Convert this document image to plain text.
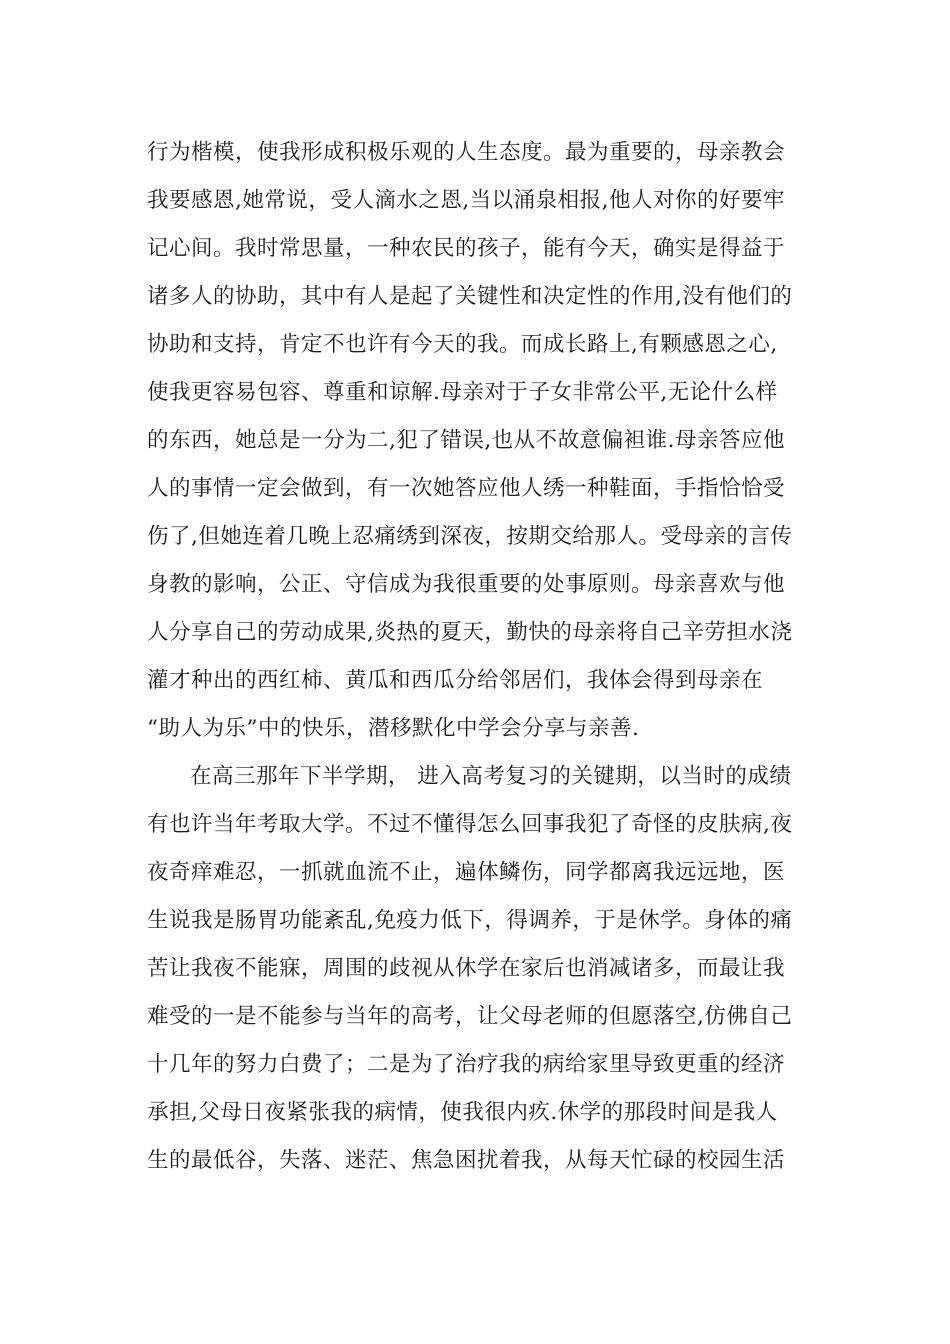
行为楷模，使我形成积极乐观的人生态度。最为重要的，母亲教会
我要感恩,她常说，受人滴水之恩,当以涌泉相报,他人对你的好要牢
记心间。我时常思量，一种农民的孩子，能有今天，确实是得益于
诸多人的协助，其中有人是起了关键性和决定性的作用,没有他们的
协助和支持，肯定不也许有今天的我。而成长路上,有颗感恩之心,
使我更容易包容、尊重和谅解.母亲对于子女非常公平,无论什么样
的东西，她总是一分为二,犯了错误,也从不故意偏袒谁.母亲答应他
人的事情一定会做到，有一次她答应他人绣一种鞋面，手指恰恰受
伤了,但她连着几晚上忍痛绣到深夜，按期交给那人。受母亲的言传
身教的影响，公正、守信成为我很重要的处事原则。母亲喜欢与他
人分享自己的劳动成果,炎热的夏天，勤快的母亲将自己辛劳担水浇
灌才种出的西红柿、黄瓜和西瓜分给邻居们，我体会得到母亲在
“助人为乐”中的快乐，潜移默化中学会分享与亲善.
在高三那年下半学期， 进入高考复习的关键期，以当时的成绩
有也许当年考取大学。不过不懂得怎么回事我犯了奇怪的皮肤病,夜
夜奇痒难忍，一抓就血流不止，遍体鳞伤，同学都离我远远地，医
生说我是肠胃功能紊乱,免疫力低下，得调养，于是休学。身体的痛
苦让我夜不能寐，周围的歧视从休学在家后也消减诸多，而最让我
难受的一是不能参与当年的高考，让父母老师的但愿落空,仿佛自己
十几年的努力白费了；二是为了治疗我的病给家里导致更重的经济
承担,父母日夜紧张我的病情，使我很内疚.休学的那段时间是我人
生的最低谷，失落、迷茫、焦急困扰着我，从每天忙碌的校园生活
